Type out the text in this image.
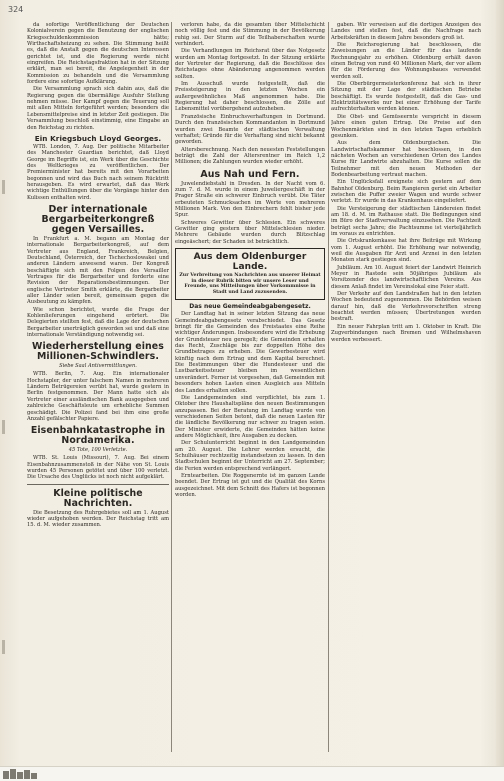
324

da sofortige Veröffentlichung der Deutschen Kolonialverein gegen die Benutzung der englischen Kriegsschuldenkommission hätte; Wirthschaftsheizung zu sehen. Die Stimmung heißt es, daß die Anstalt gegen die deutschen Interessen gerichtet ist, und die Regierung werde nicht eingreifen. Die Reichstagsfraktion hat in der Sitzung erklärt, man sei bereit, die Angelegenheit in der Kommission zu behandeln und die Versammlung fordere eine sofortige Aufklärung.

Die Versammlung sprach sich dahin aus, daß die Regierung gegen die übermäßige Ausfuhr Stellung nehmen müsse. Der Kampf gegen die Teuerung soll mit allen Mitteln fortgeführt werden; besonders die Lebensmittelpreise sind in letzter Zeit gestiegen. Die Versammlung beschloß einstimmig, eine Eingabe an den Reichstag zu richten.

Ein Kriegsbuch Lloyd Georges.

WTB. London, 7. Aug. Der politische Mitarbeiter des Manchester Guardian berichtet, daß Lloyd George im Begriffe ist, ein Werk über die Geschichte des Weltkrieges zu veröffentlichen. Der Premierminister hat bereits mit den Vorarbeiten begonnen und wird das Buch nach seinem Rücktritt herausgeben. Es wird erwartet, daß das Werk wichtige Enthüllungen über die Vorgänge hinter den Kulissen enthalten wird.

Der internationale Bergarbeiterkongreß gegen Versailles.

In Frankfurt a. M. begann am Montag der internationale Bergarbeiterkongreß, auf dem Vertreter aus England, Frankreich, Belgien, Deutschland, Österreich, der Tschechoslowakei und anderen Ländern anwesend waren. Der Kongreß beschäftigte sich mit den Folgen des Versailler Vertrages für die Bergarbeiter und forderte eine Revision der Reparationsbestimmungen. Der englische Vertreter Smith erklärte, die Bergarbeiter aller Länder seien bereit, gemeinsam gegen die Ausbeutung zu kämpfen.

Wie schon berichtet, wurde die Frage der Kohlenlieferungen eingehend erörtert. Die Delegierten stellten fest, daß die Lage der deutschen Bergarbeiter unerträglich geworden sei und daß eine internationale Verständigung notwendig sei.

Wiederherstellung eines Millionen-Schwindlers.
Siebe Saal Antivermittlungen.

WTB. Berlin, 7. Aug. Ein internationaler Hochstapler, der unter falschem Namen in mehreren Ländern Betrügereien verübt hat, wurde gestern in Berlin festgenommen. Der Mann hatte sich als Vertreter einer ausländischen Bank ausgegeben und zahlreiche Geschäftsleute um erhebliche Summen geschädigt. Die Polizei fand bei ihm eine große Anzahl gefälschter Papiere.

Eisenbahnkatastrophe in Nordamerika.
45 Tote, 100 Verletzte.

WTB. St. Louis (Missouri), 7. Aug. Bei einem Eisenbahnzusammenstoß in der Nähe von St. Louis wurden 45 Personen getötet und über 100 verletzt. Die Ursache des Unglücks ist noch nicht aufgeklärt.

Kleine politische Nachrichten.

Die Besetzung des Ruhrgebietes soll am 1. August wieder aufgehoben werden. Der Reichstag tritt am 15. d. M. wieder zusammen.

verloren habe, da die gesamten über Mittelschicht noch völlig fest und die Stimmung in der Bevölkerung ruhig sei. Der Sturm auf die Teilhaberschaften wurde verhindert.

Die Verhandlungen im Reichsrat über das Notgesetz wurden am Montag fortgesetzt. In der Sitzung erklärte der Vertreter der Regierung, daß die Beschlüsse des Reichstages ohne Abänderung angenommen werden sollten.

Im Ausschuß wurde festgestellt, daß die Preissteigerung in den letzten Wochen ein außergewöhnliches Maß angenommen habe. Die Regierung hat daher beschlossen, die Zölle auf Lebensmittel vorübergehend aufzuheben.

Französische Einbruchsverhaftungen in Dortmund. Durch den französischen Kommandanten in Dortmund wurden zwei Beamte der städtischen Verwaltung verhaftet; Gründe für die Verhaftung sind nicht bekannt geworden.

Altersberechnung. Nach den neuesten Feststellungen beträgt die Zahl der Altersrentner im Reich 1,2 Millionen; die Zahlungen wurden wieder erhöht.

Aus Nah und Fern.

Juwelendiebstahl in Dresden. In der Nacht vom 6. zum 7. d. M. wurde in einem Juweliergeschäft in der Prager Straße ein schwerer Einbruch verübt. Die Täter erbeuteten Schmucksachen im Werte von mehreren Millionen Mark. Von den Einbrechern fehlt bisher jede Spur.

Schweres Gewitter über Schlesien. Ein schweres Gewitter ging gestern über Mittelschlesien nieder. Mehrere Gebäude wurden durch Blitzschlag eingeäschert; der Schaden ist beträchtlich.

Aus dem Oldenburger Lande.
Zur Verbreitung von Nachrichten aus unserer Heimat in dieser Rubrik bitten wir unsere Leser und Freunde, uns Mitteilungen über Vorkommnisse in Stadt und Land zuzusenden.
Das neue Gemeindeabgabengesetz.

Der Landtag hat in seiner letzten Sitzung das neue Gemeindeabgabengesetz verabschiedet. Das Gesetz bringt für die Gemeinden des Freistaates eine Reihe wichtiger Änderungen. Insbesondere wird die Erhebung der Grundsteuer neu geregelt; die Gemeinden erhalten das Recht, Zuschläge bis zur doppelten Höhe des Grundbetrages zu erheben. Die Gewerbesteuer wird künftig nach dem Ertrag und dem Kapital berechnet. Die Bestimmungen über die Hundesteuer und die Lustbarkeitssteuer bleiben im wesentlichen unverändert. Ferner ist vorgesehen, daß Gemeinden mit besonders hohen Lasten einen Ausgleich aus Mitteln des Landes erhalten sollen.

Die Landgemeinden sind verpflichtet, bis zum 1. Oktober ihre Haushaltspläne den neuen Bestimmungen anzupassen. Bei der Beratung im Landtag wurde von verschiedenen Seiten betont, daß die neuen Lasten für die ländliche Bevölkerung nur schwer zu tragen seien. Der Minister erwiderte, die Gemeinden hätten keine andere Möglichkeit, ihre Ausgaben zu decken.

Der Schulunterricht beginnt in den Landgemeinden am 20. August. Die Lehrer werden ersucht, die Schulhäuser rechtzeitig instandsetzen zu lassen. In den Stadtschulen beginnt der Unterricht am 27. September; die Ferien werden entsprechend verlängert.

Erntearbeiten. Die Roggenernte ist im ganzen Lande beendet. Der Ertrag ist gut und die Qualität des Korns ausgezeichnet. Mit dem Schnitt des Hafers ist begonnen worden.

gaben. Wir verweisen auf die dortigen Anzeigen des Landes und stellen fest, daß die Nachfrage nach Arbeitskräften in diesem Jahre besonders groß ist.

Die Reichsregierung hat beschlossen, die Zuweisungen an die Länder für das laufende Rechnungsjahr zu erhöhen. Oldenburg erhält davon einen Betrag von rund 40 Millionen Mark, der vor allem für die Förderung des Wohnungsbaues verwendet werden soll.

Die Oberbürgermeisterkonferenz hat sich in ihrer Sitzung mit der Lage der städtischen Betriebe beschäftigt. Es wurde festgestellt, daß die Gas- und Elektrizitätswerke nur bei einer Erhöhung der Tarife aufrechterhalten werden können.

Die Obst- und Gemüseernte verspricht in diesem Jahre einen guten Ertrag. Die Preise auf den Wochenmärkten sind in den letzten Tagen erheblich gesunken.

Aus dem Oldenburgischen. Die Landwirtschaftskammer hat beschlossen, in den nächsten Wochen an verschiedenen Orten des Landes Kurse für Landwirte abzuhalten. Die Kurse sollen die Teilnehmer mit den neuen Methoden der Bodenbearbeitung vertraut machen.

Ein Unglücksfall ereignete sich gestern auf dem Bahnhof Oldenburg. Beim Rangieren geriet ein Arbeiter zwischen die Puffer zweier Wagen und wurde schwer verletzt. Er wurde in das Krankenhaus eingeliefert.

Die Versteigerung der städtischen Ländereien findet am 18. d. M. im Rathause statt. Die Bedingungen sind im Büro der Stadtverwaltung einzusehen. Die Pachtzeit beträgt sechs Jahre; die Pachtsumme ist vierteljährlich im voraus zu entrichten.

Die Ortskrankenkasse hat ihre Beiträge mit Wirkung vom 1. August erhöht. Die Erhöhung war notwendig, weil die Ausgaben für Arzt und Arznei in den letzten Monaten stark gestiegen sind.

Jubiläum. Am 10. August feiert der Landwirt Heinrich Meyer in Rastede sein 50jähriges Jubiläum als Vorsitzender des landwirtschaftlichen Vereins. Aus diesem Anlaß findet im Vereinslokal eine Feier statt.

Der Verkehr auf den Landstraßen hat in den letzten Wochen bedeutend zugenommen. Die Behörden weisen darauf hin, daß die Verkehrsvorschriften streng beachtet werden müssen; Übertretungen werden bestraft.

Ein neuer Fahrplan tritt am 1. Oktober in Kraft. Die Zugverbindungen nach Bremen und Wilhelmshaven werden verbessert.
